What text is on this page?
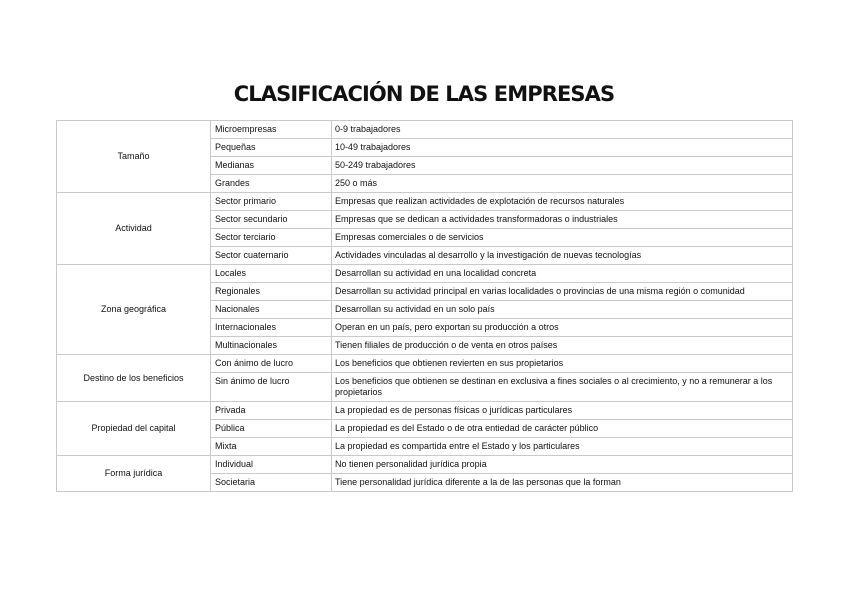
CLASIFICACIÓN DE LAS EMPRESAS
Tamaño	Microempresas	0-9 trabajadores
	Pequeñas	10-49 trabajadores
	Medianas	50-249 trabajadores
	Grandes	250 o más
Actividad	Sector primario	Empresas que realizan actividades de explotación de recursos naturales
	Sector secundario	Empresas que se dedican a actividades transformadoras o industriales
	Sector terciario	Empresas comerciales o de servicios
	Sector cuaternario	Actividades vinculadas al desarrollo y la investigación de nuevas tecnologías
Zona geográfica	Locales	Desarrollan su actividad en una localidad concreta
	Regionales	Desarrollan su actividad principal en varias localidades o provincias de una misma región o comunidad
	Nacionales	Desarrollan su actividad en un solo país
	Internacionales	Operan en un país, pero exportan su producción a otros
	Multinacionales	Tienen filiales de producción o de venta en otros países
Destino de los beneficios	Con ánimo de lucro	Los beneficios que obtienen revierten en sus propietarios
	Sin ánimo de lucro	Los beneficios que obtienen se destinan en exclusiva a fines sociales o al crecimiento, y no a remunerar a los propietarios
Propiedad del capital	Privada	La propiedad es de personas físicas o jurídicas particulares
	Pública	La propiedad es del Estado o de otra entiedad de carácter público
	Mixta	La propiedad es compartida entre el Estado y los particulares
Forma jurídica	Individual	No tienen personalidad jurídica propia
	Societaria	Tiene personalidad jurídica diferente a la de las personas que la forman
